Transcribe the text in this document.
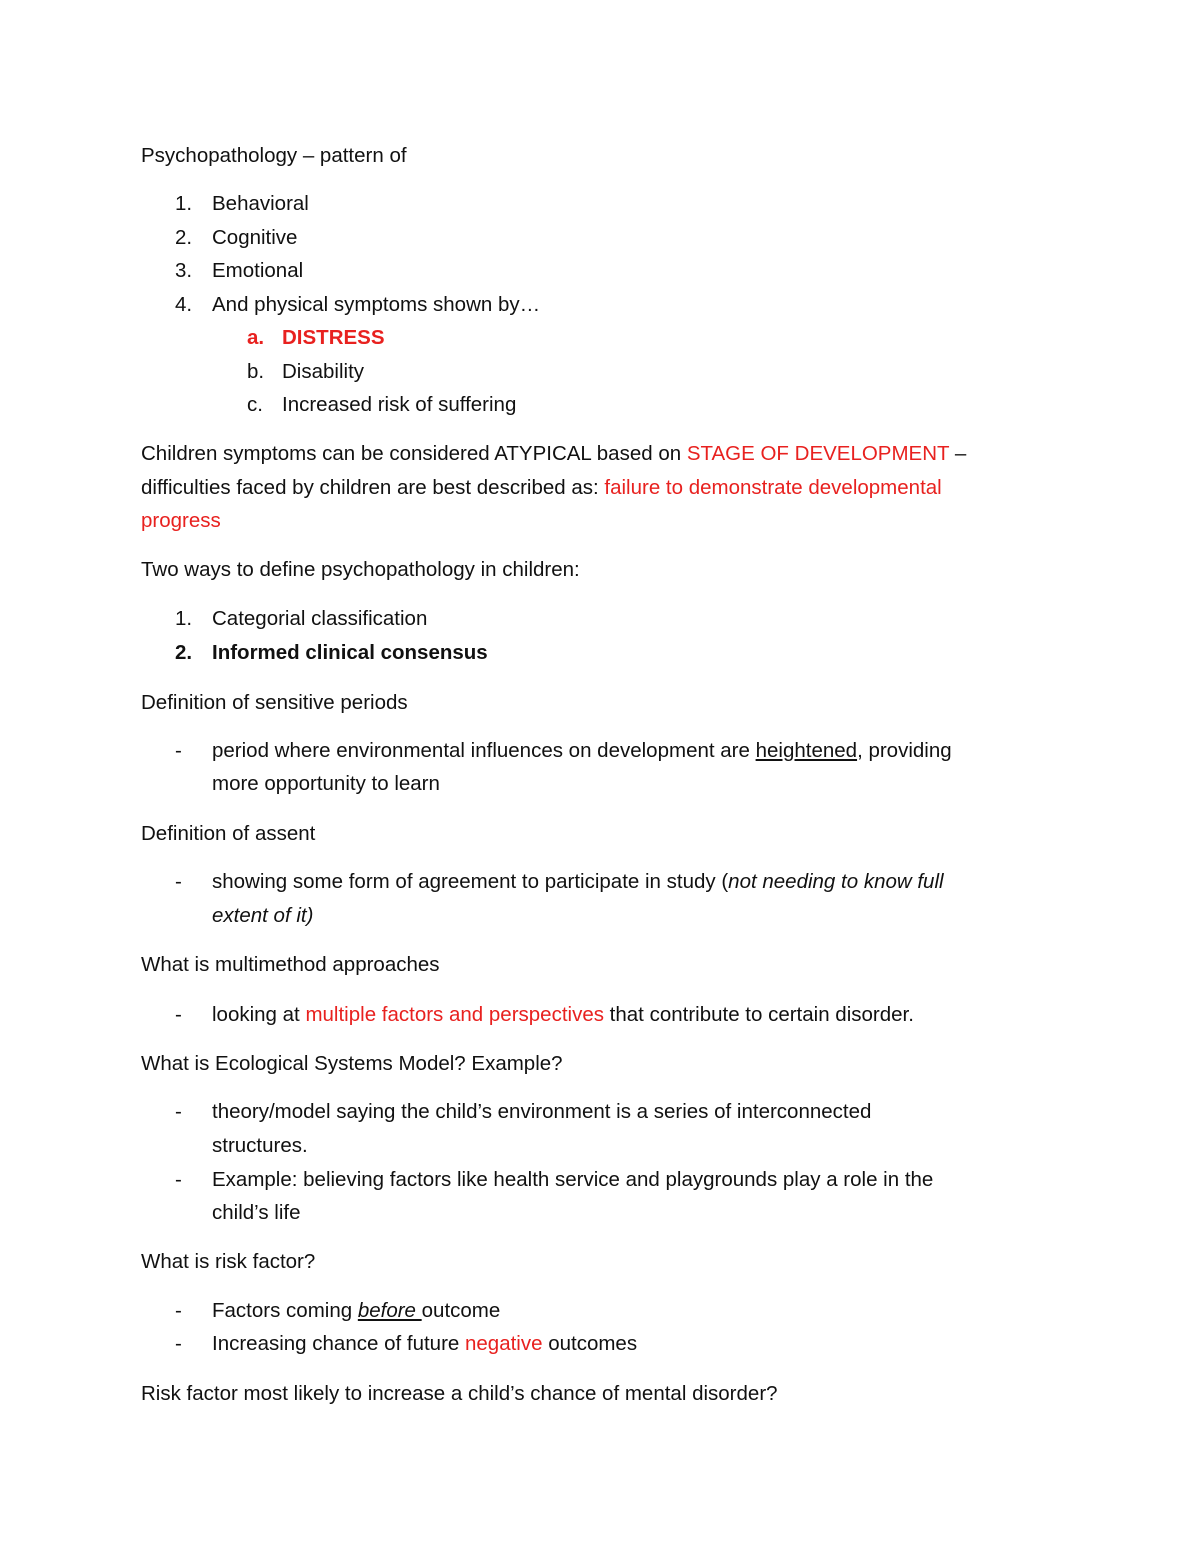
Psychopathology – pattern of
1. Behavioral
2. Cognitive
3. Emotional
4. And physical symptoms shown by…
a. DISTRESS
b. Disability
c. Increased risk of suffering
Children symptoms can be considered ATYPICAL based on STAGE OF DEVELOPMENT –
difficulties faced by children are best described as: failure to demonstrate developmental
progress
Two ways to define psychopathology in children:
1. Categorial classification
2. Informed clinical consensus
Definition of sensitive periods
- period where environmental influences on development are heightened, providing
more opportunity to learn
Definition of assent
- showing some form of agreement to participate in study (not needing to know full
extent of it)
What is multimethod approaches
- looking at multiple factors and perspectives that contribute to certain disorder.
What is Ecological Systems Model? Example?
- theory/model saying the child’s environment is a series of interconnected
structures.
- Example: believing factors like health service and playgrounds play a role in the
child’s life
What is risk factor?
- Factors coming before outcome
- Increasing chance of future negative outcomes
Risk factor most likely to increase a child’s chance of mental disorder?
